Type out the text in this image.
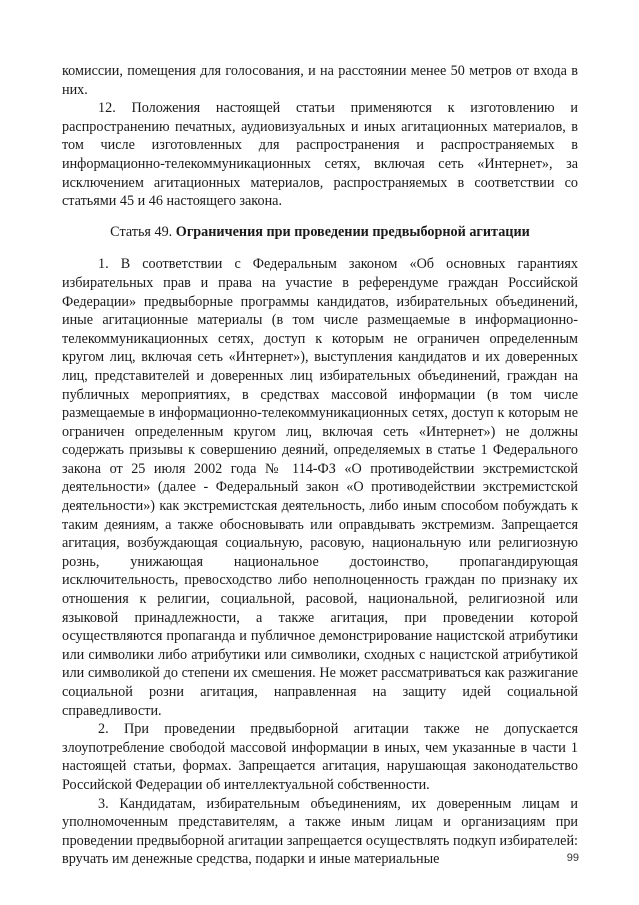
комиссии, помещения для голосования, и на расстоянии менее 50 метров от входа в них.

12. Положения настоящей статьи применяются к изготовлению и распространению печатных, аудиовизуальных и иных агитационных материалов, в том числе изготовленных для распространения и распространяемых в информационно-телекоммуникационных сетях, включая сеть «Интернет», за исключением агитационных материалов, распространяемых в соответствии со статьями 45 и 46 настоящего закона.

Статья 49. Ограничения при проведении предвыборной агитации

1. В соответствии с Федеральным законом «Об основных гарантиях избирательных прав и права на участие в референдуме граждан Российской Федерации» предвыборные программы кандидатов, избирательных объединений, иные агитационные материалы (в том числе размещаемые в информационно-телекоммуникационных сетях, доступ к которым не ограничен определенным кругом лиц, включая сеть «Интернет»), выступления кандидатов и их доверенных лиц, представителей и доверенных лиц избирательных объединений, граждан на публичных мероприятиях, в средствах массовой информации (в том числе размещаемые в информационно-телекоммуникационных сетях, доступ к которым не ограничен определенным кругом лиц, включая сеть «Интернет») не должны содержать призывы к совершению деяний, определяемых в статье 1 Федерального закона от 25 июля 2002 года № 114-ФЗ «О противодействии экстремистской деятельности» (далее - Федеральный закон «О противодействии экстремистской деятельности») как экстремистская деятельность, либо иным способом побуждать к таким деяниям, а также обосновывать или оправдывать экстремизм. Запрещается агитация, возбуждающая социальную, расовую, национальную или религиозную рознь, унижающая национальное достоинство, пропагандирующая исключительность, превосходство либо неполноценность граждан по признаку их отношения к религии, социальной, расовой, национальной, религиозной или языковой принадлежности, а также агитация, при проведении которой осуществляются пропаганда и публичное демонстрирование нацистской атрибутики или символики либо атрибутики или символики, сходных с нацистской атрибутикой или символикой до степени их смешения. Не может рассматриваться как разжигание социальной розни агитация, направленная на защиту идей социальной справедливости.

2. При проведении предвыборной агитации также не допускается злоупотребление свободой массовой информации в иных, чем указанные в части 1 настоящей статьи, формах. Запрещается агитация, нарушающая законодательство Российской Федерации об интеллектуальной собственности.

3. Кандидатам, избирательным объединениям, их доверенным лицам и уполномоченным представителям, а также иным лицам и организациям при проведении предвыборной агитации запрещается осуществлять подкуп избирателей: вручать им денежные средства, подарки и иные материальные	99
